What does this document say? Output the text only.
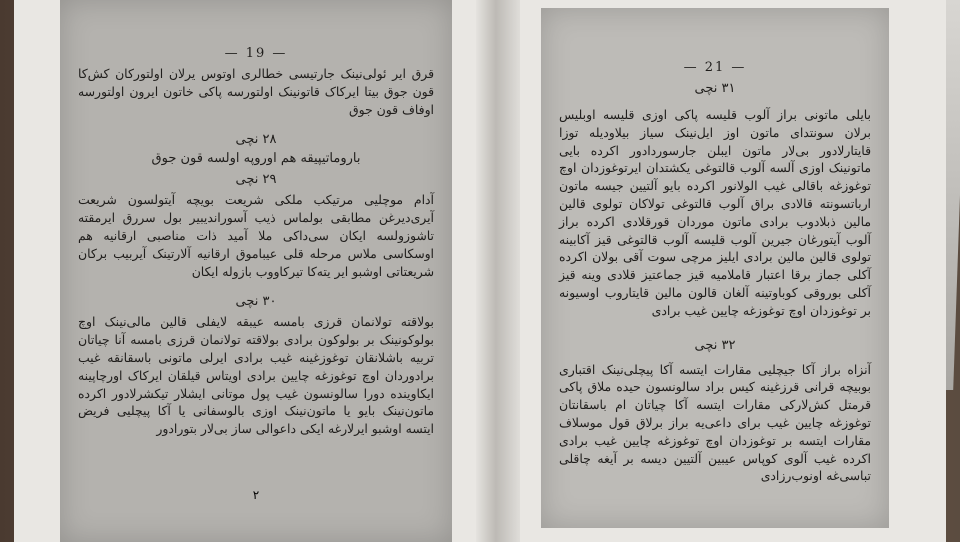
— 19 —

قرق ایر ئولی‌نینک جارتیسی خطالری اوتوس یرلان اولتورکان کش‌کا قون جوق بیتا ایرکاک قاتونینک اولتورسه پاکی خاتون ایرون اولتورسه اوفاف قون جوق

۲۸ نچی

باروماتیپیقه هم اوروپه اولسه قون جوق

۲۹ نچی

آدام موچلیی مرتیکب ملکی شریعت بویچه آیتولسون شریعت آیری‌دیرغن مطابقی بولماس ذیب آسوراندیبیر بول سررق ایرمقته تاشوزولسه ایکان سی‌داکی ملا آمید ذات مناصبی ارقانیه هم اوسکاسی ملاس مرحله قلی عیباموق ارقانیه آلارتینک آیربیب برکان شریعتاتی اوشبو ایر یته‌کا تیرکاووب بازوله ایکان

۳۰ نچی

بولاقته تولانمان قرزی بامسه عیبقه لایفلی قالین مالی‌نینک اوچ بولوکونینک بر بولوکون برادی بولاقته تولانمان قرزی بامسه آنا چیاتان تربیه باشلانقان توغوزغینه غیب برادی ایرلی ماتونی باسقانقه غیب برادوردان اوچ توغوزغه چایین برادی اویتاس قیلقان ایرکاک اورچاپینه ایکاوینده دورا سالونسون غیب پول موتانی ایشلار تیکشرلادور اکرده ماتون‌نینک بایو یا ماتون‌نینک اوزی بالوسفانی یا آکا پیچلیی فریض ایتسه اوشبو ایرلارغه ایکی داعوالی ساز بی‌لار بتورادور

۲

— 21 —

۳۱ نچی

بایلی ماتونی براز آلوب قلیسه پاکی اوزی قلیسه اوبلیس برلان سونتدای ماتون اوز ایل‌نینک سیاز بیلاودیله توزا قایتارلادور بی‌لار ماتون ایبلن جارسوردادور اکرده بایی ماتونینک اوزی آلسه آلوب قالتوغی یکشتدان ایرتوغوزدان اوچ توغوزغه باقالی غیب الولانور اکرده بایو آلتیین جیسه ماتون ارباتسونته قالادی براق آلوب قالتوغی تولاکان تولوی قالین مالین ذبلادوب برادی ماتون موردان قورقلادی اکرده براز آلوب آیتورغان جیرین آلوب قلیسه آلوب قالتوغی قیز آکابینه تولوی قالین مالین برادی ایلیز مرچی سوت آقی بولان اکرده آکلی جماز برقا اعتبار قاملامیه قیز جماعتیز قلادی وینه قیز آکلی بوروقی کوباوتینه آلغان قالون مالین قایتاروب اوسیونه بر توغوزدان اوچ توغوزغه چایین غیب برادی

۳۲ نچی

آنزاه براز آکا جیچلیی مقارات ایتسه آکا پیچلی‌نینک اقتباری بوبیچه قرانی قرزغینه کیس براد سالونسون حیده ملاق پاکی قرمتل کش‌لارکی مقارات ایتسه آکا چیاتان ام باسقانتان توغوزغه چایین غیب برای داعی‌یه براز برلاق قول موسلاف مقارات ایتسه بر توغوزدان اوچ توغوزغه چایین غیب برادی اکرده غیب آلوی کوپاس عیبین آلتیین دیسه بر آیغه چاقلی تباسی‌غه اونوب‌رزادی
